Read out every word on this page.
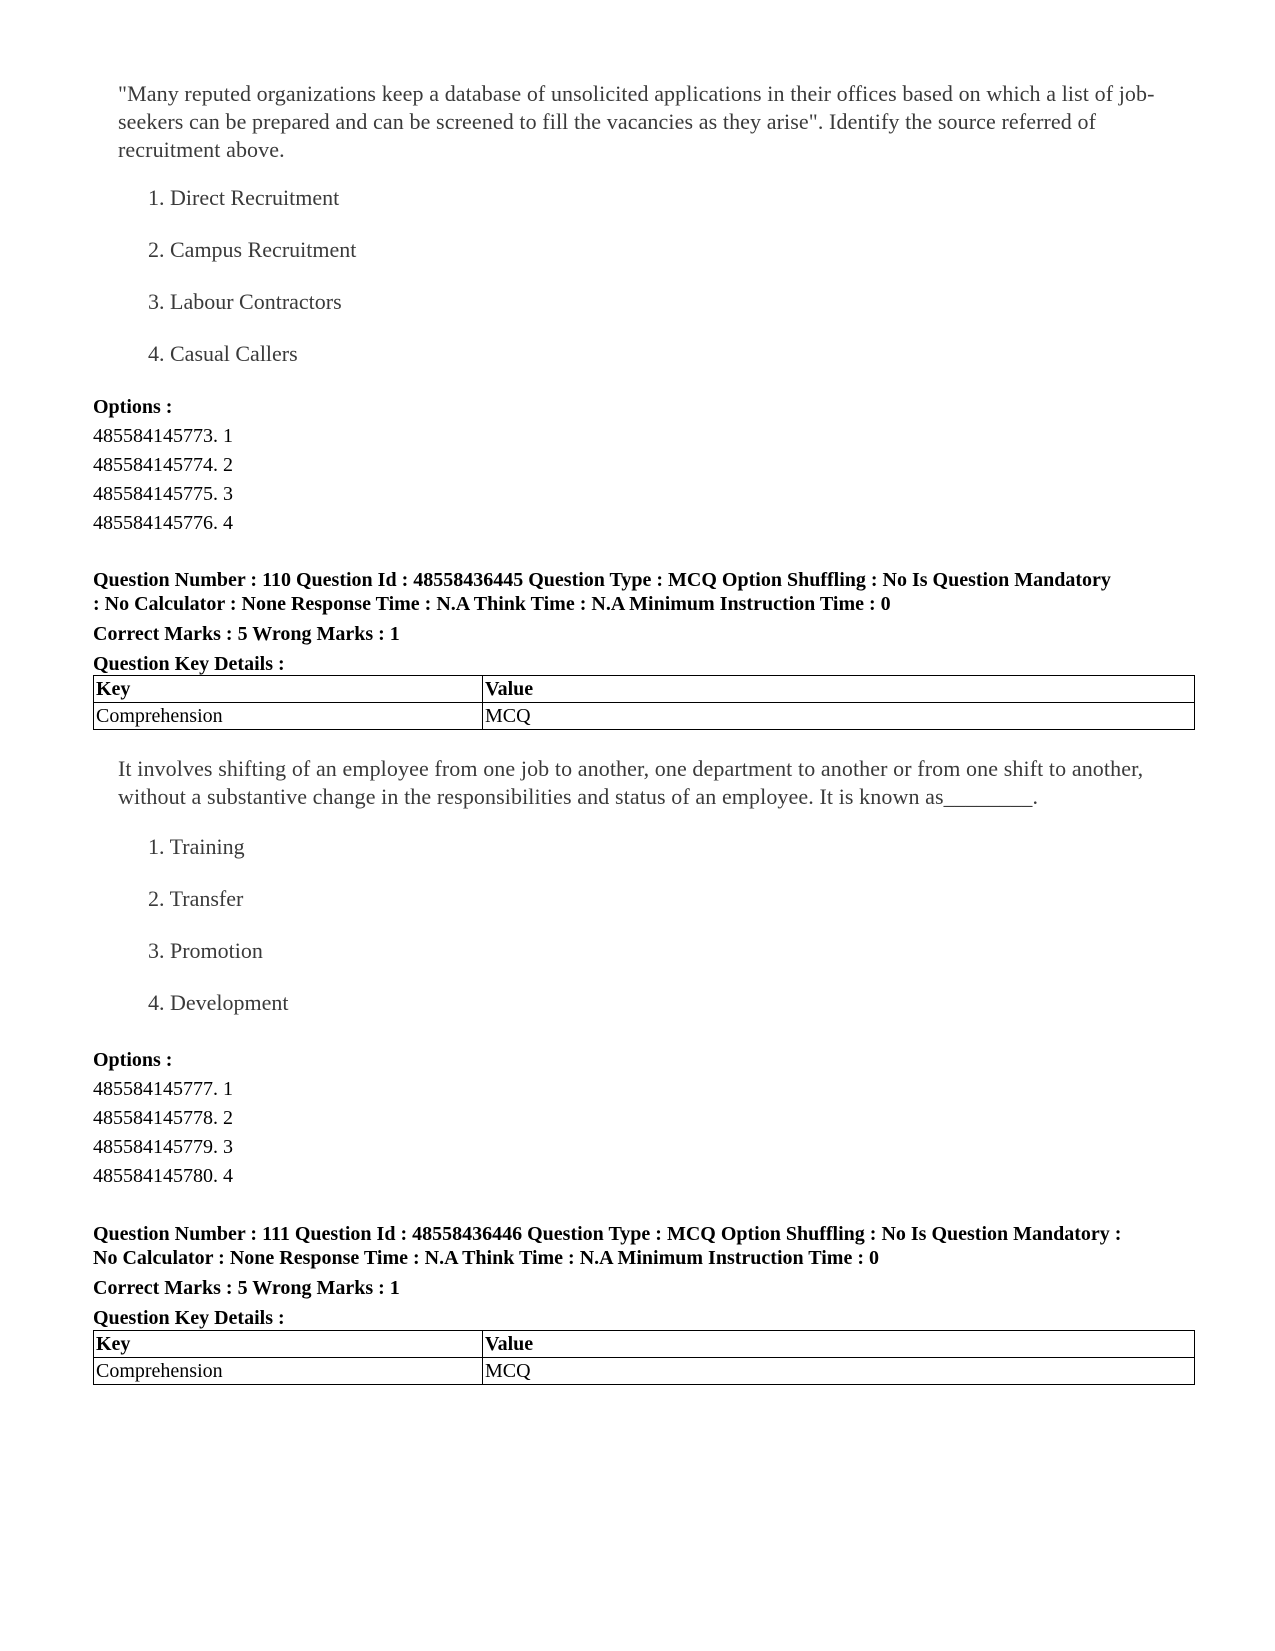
"Many reputed organizations keep a database of unsolicited applications in their offices based on which a list of job-seekers can be prepared and can be screened to fill the vacancies as they arise". Identify the source referred of recruitment above.

1. Direct Recruitment
2. Campus Recruitment
3. Labour Contractors
4. Casual Callers
Options :
485584145773. 1
485584145774. 2
485584145775. 3
485584145776. 4
Question Number : 110 Question Id : 48558436445 Question Type : MCQ Option Shuffling : No Is Question Mandatory
: No Calculator : None Response Time : N.A Think Time : N.A Minimum Instruction Time : 0
Correct Marks : 5 Wrong Marks : 1
Question Key Details :
Key	Value
Comprehension	MCQ

It involves shifting of an employee from one job to another, one department to another or from one shift to another, without a substantive change in the responsibilities and status of an employee. It is known as________.

1. Training
2. Transfer
3. Promotion
4. Development
Options :
485584145777. 1
485584145778. 2
485584145779. 3
485584145780. 4
Question Number : 111 Question Id : 48558436446 Question Type : MCQ Option Shuffling : No Is Question Mandatory :
No Calculator : None Response Time : N.A Think Time : N.A Minimum Instruction Time : 0
Correct Marks : 5 Wrong Marks : 1
Question Key Details :
Key	Value
Comprehension	MCQ
